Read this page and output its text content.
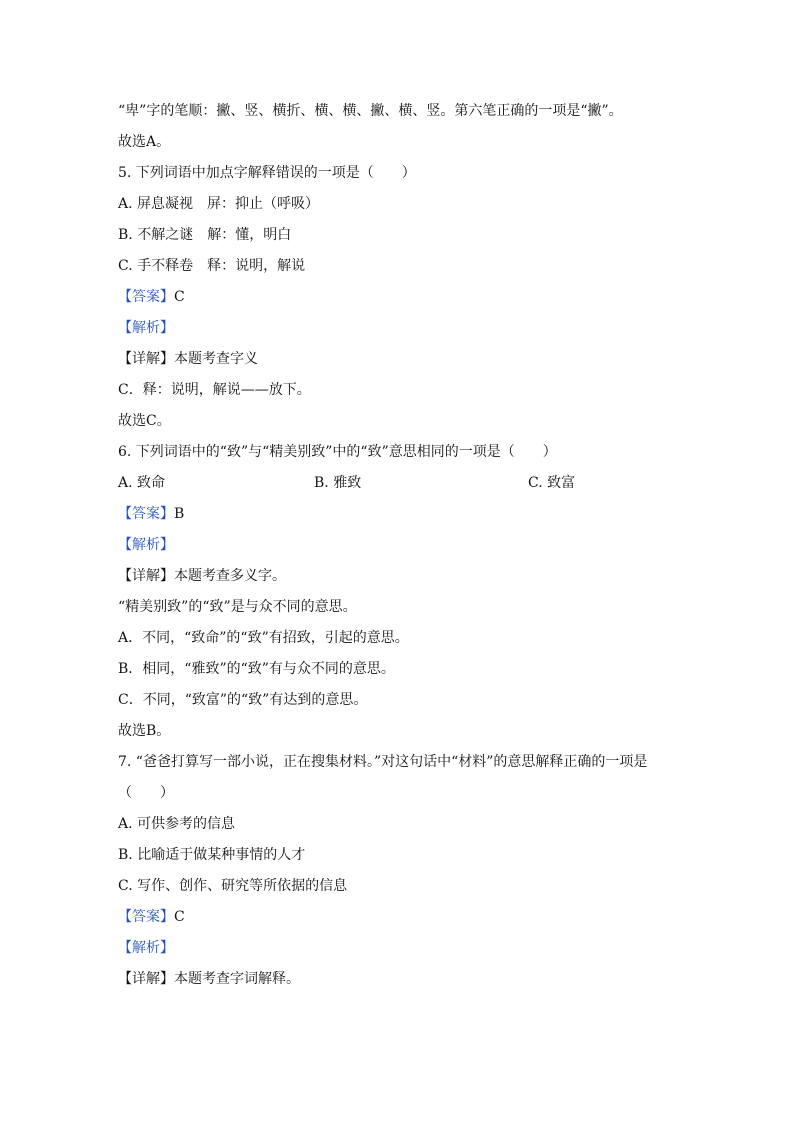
“卑”字的笔顺：撇、竖、横折、横、横、撇、横、竖。第六笔正确的一项是“撇”。
故选A。
5. 下列词语中加点字解释错误的一项是（　　）
A. 屏息凝视　屏：抑止（呼吸）
B. 不解之谜　解：懂，明白
C. 手不释卷　释：说明，解说
【答案】C
【解析】
【详解】本题考查字义
C．释：说明，解说——放下。
故选C。
6. 下列词语中的“致”与“精美别致”中的“致”意思相同的一项是（　　）
A. 致命	B. 雅致	C. 致富
【答案】B
【解析】
【详解】本题考查多义字。
“精美别致”的“致”是与众不同的意思。
A．不同，“致命”的“致”有招致，引起的意思。
B．相同，“雅致”的“致”有与众不同的意思。
C．不同，“致富”的“致”有达到的意思。
故选B。
7. “爸爸打算写一部小说，正在搜集材料。”对这句话中“材料”的意思解释正确的一项是
（　　）
A. 可供参考的信息
B. 比喻适于做某种事情的人才
C. 写作、创作、研究等所依据的信息
【答案】C
【解析】
【详解】本题考查字词解释。
